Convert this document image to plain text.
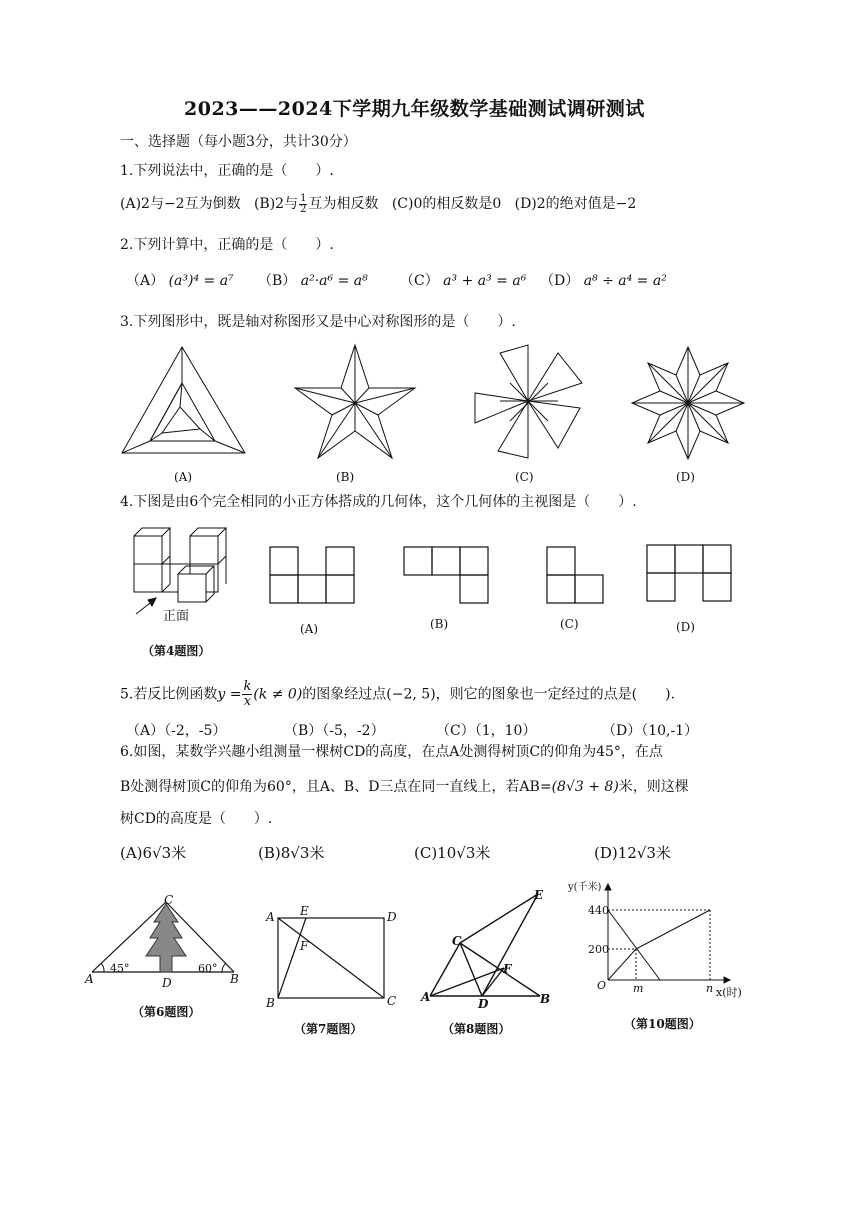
2023——2024下学期九年级数学基础测试调研测试
一、选择题（每小题3分，共计30分）
1.下列说法中，正确的是（　　）.
(A)2与−2互为倒数 (B)2与 $\frac{1}{2}$ 互为相反数 (C)0的相反数是0 (D)2的绝对值是−2
2.下列计算中，正确的是（　　）.
（A） (a³)⁴ = a⁷ （B） a²·a⁶ = a⁸ （C） a³ + a³ = a⁶ （D） a⁸ ÷ a⁴ = a²
3.下列图形中，既是轴对称图形又是中心对称图形的是（　　）.
(A)	(B)	(C)	(D)
4.下图是由6个完全相同的小正方体搭成的几何体，这个几何体的主视图是（　　）.
正面
（第4题图）
(A)	(B)	(C)	(D)
5.若反比例函数$y = \frac{k}{x} (k \ne 0)$的图象经过点(−2, 5)，则它的图象也一定经过的点是(　　).
（A）（-2，-5）	（B）（-5，-2）	（C）（1，10）	（D）（10,-1）
6.如图，某数学兴趣小组测量一棵树CD的高度，在点A处测得树顶C的仰角为45°，在点
B处测得树顶C的仰角为60°，且A、B、D三点在同一直线上，若AB=(8√3 + 8)米，则这棵
树CD的高度是（　　）.
(A)6√3米	(B)8√3米	(C)10√3米	(D)12√3米
C
A	B
D
45°	60°
（第6题图）
A E	D
F
B	C
（第7题图）
E
C
F
A	D	B
（第8题图）
y(千米)
440
200
O m	n x(时)
（第10题图）
